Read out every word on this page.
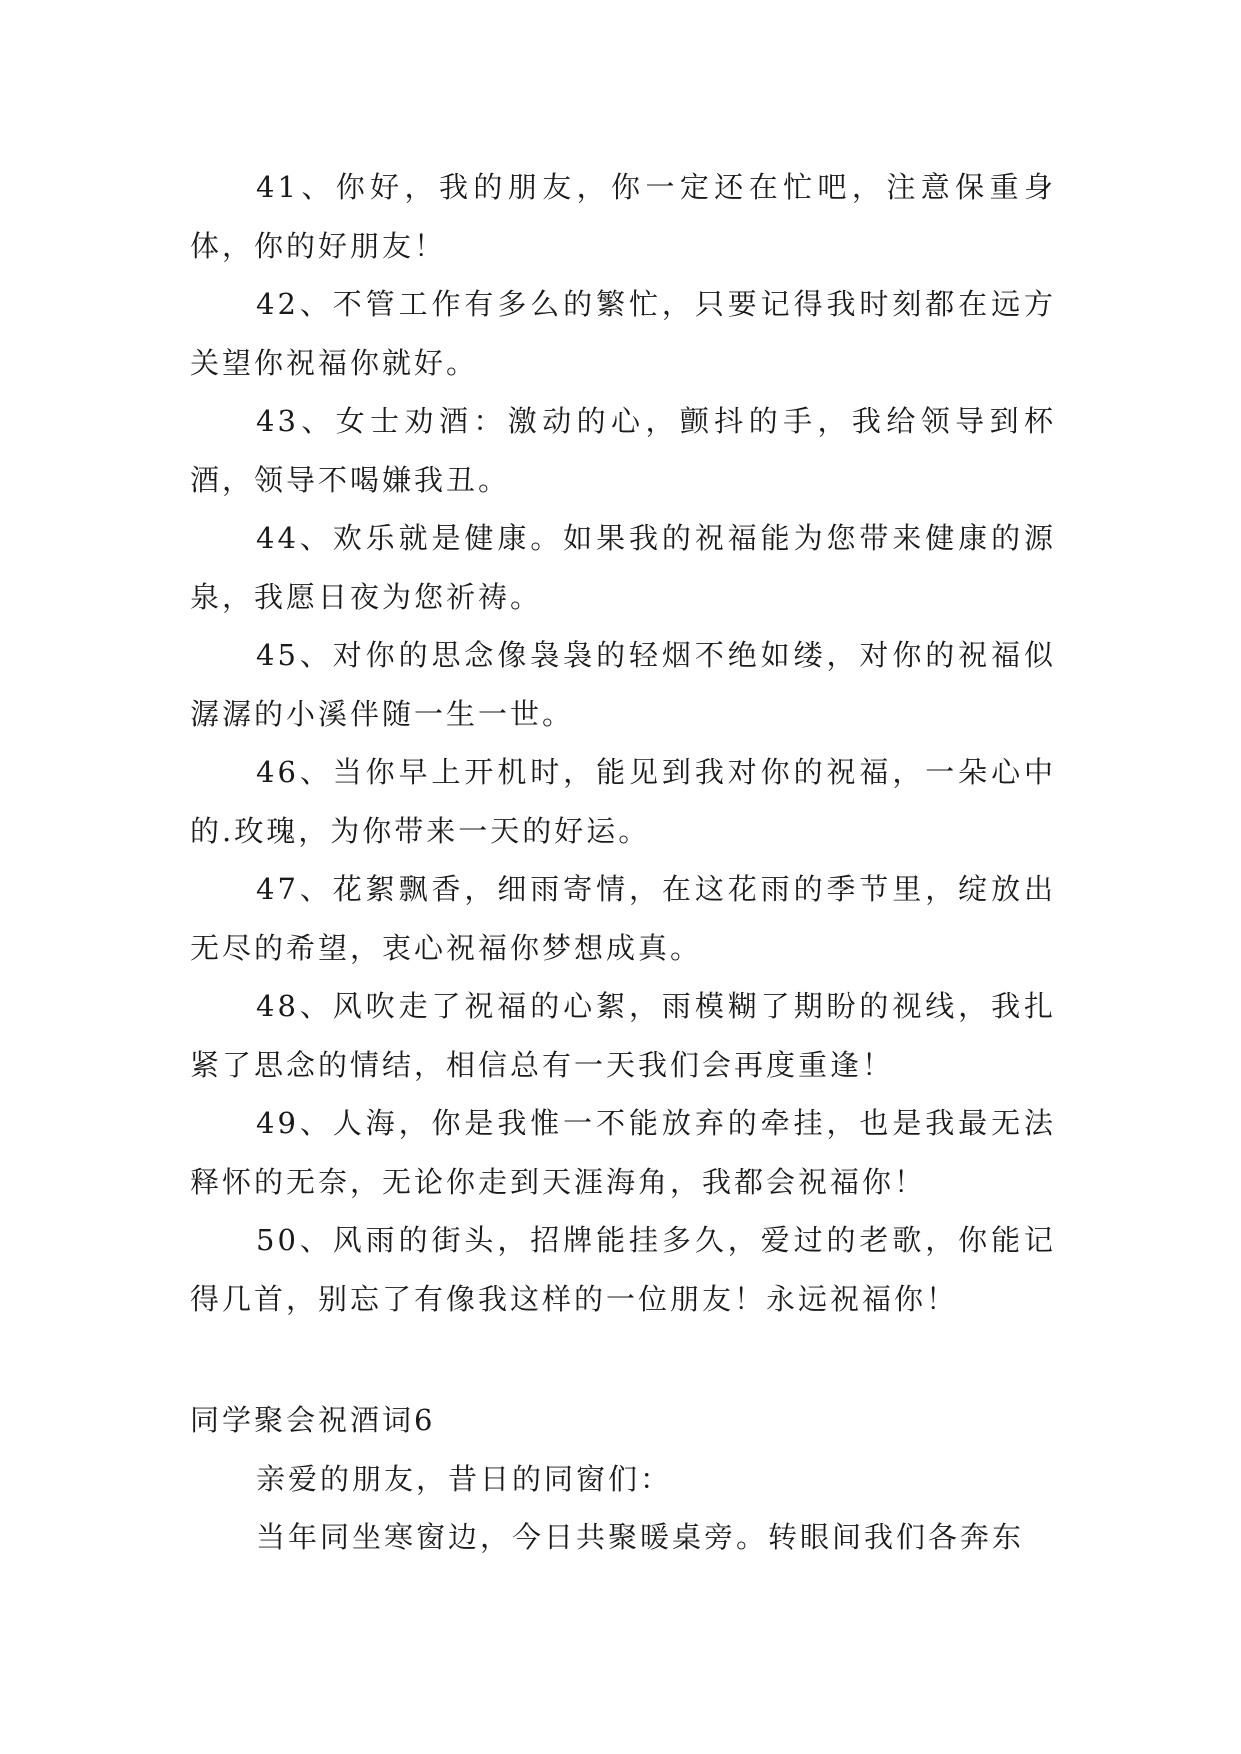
41、你好，我的朋友，你一定还在忙吧，注意保重身体，你的好朋友！

42、不管工作有多么的繁忙，只要记得我时刻都在远方关望你祝福你就好。

43、女士劝酒：激动的心，颤抖的手，我给领导到杯酒，领导不喝嫌我丑。

44、欢乐就是健康。如果我的祝福能为您带来健康的源泉，我愿日夜为您祈祷。

45、对你的思念像袅袅的轻烟不绝如缕，对你的祝福似潺潺的小溪伴随一生一世。

46、当你早上开机时，能见到我对你的祝福，一朵心中的.玫瑰，为你带来一天的好运。

47、花絮飘香，细雨寄情，在这花雨的季节里，绽放出无尽的希望，衷心祝福你梦想成真。

48、风吹走了祝福的心絮，雨模糊了期盼的视线，我扎紧了思念的情结，相信总有一天我们会再度重逢！

49、人海，你是我惟一不能放弃的牵挂，也是我最无法释怀的无奈，无论你走到天涯海角，我都会祝福你！

50、风雨的街头，招牌能挂多久，爱过的老歌，你能记得几首，别忘了有像我这样的一位朋友！永远祝福你！

同学聚会祝酒词6

亲爱的朋友，昔日的同窗们：

当年同坐寒窗边，今日共聚暖桌旁。转眼间我们各奔东
